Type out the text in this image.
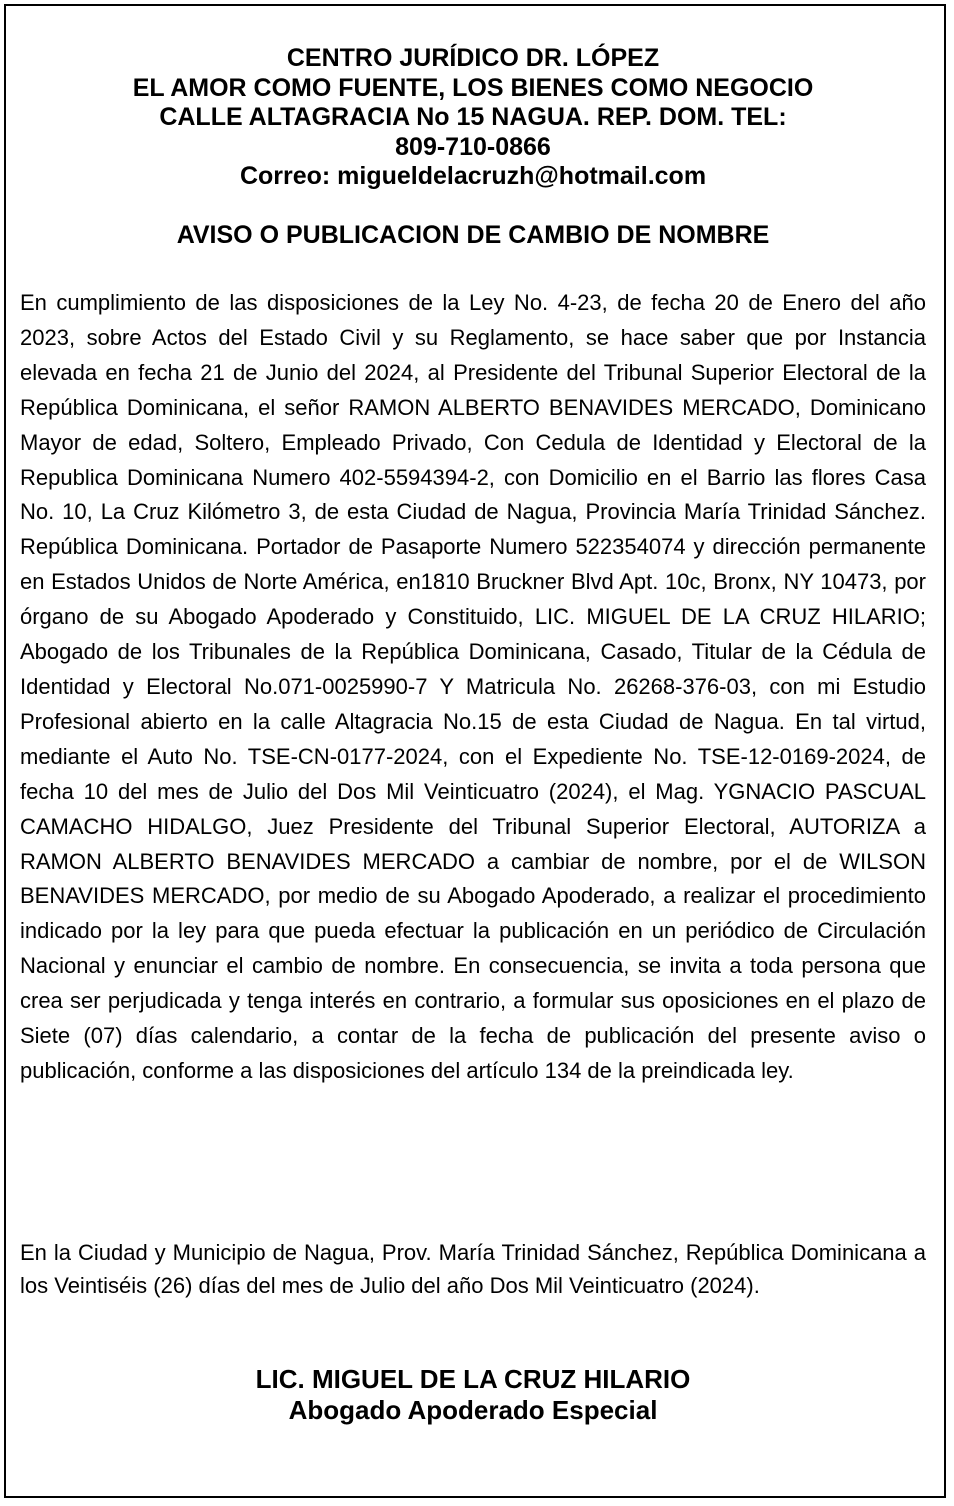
CENTRO JURÍDICO DR. LÓPEZ
EL AMOR COMO FUENTE, LOS BIENES COMO NEGOCIO
CALLE ALTAGRACIA No 15 NAGUA. REP. DOM. TEL:
809-710-0866
Correo: migueldelacruzh@hotmail.com
AVISO O PUBLICACION DE CAMBIO DE NOMBRE
En cumplimiento de las disposiciones de la Ley No. 4-23, de fecha 20 de Enero del año 2023, sobre Actos del Estado Civil y su Reglamento, se hace saber que por Instancia elevada en fecha 21 de Junio del 2024, al Presidente del Tribunal Superior Electoral de la República Dominicana, el señor RAMON ALBERTO BENAVIDES MERCADO, Dominicano Mayor de edad, Soltero, Empleado Privado, Con Cedula de Identidad y Electoral de la Republica Dominicana Numero 402-5594394-2, con Domicilio en el Barrio las flores Casa No. 10, La Cruz Kilómetro 3, de esta Ciudad de Nagua, Provincia María Trinidad Sánchez. República Dominicana. Portador de Pasaporte Numero 522354074 y dirección permanente en Estados Unidos de Norte América, en1810 Bruckner Blvd Apt. 10c, Bronx, NY 10473, por órgano de su Abogado Apoderado y Constituido, LIC. MIGUEL DE LA CRUZ HILARIO; Abogado de los Tribunales de la República Dominicana, Casado, Titular de la Cédula de Identidad y Electoral No.071-0025990-7 Y Matricula No. 26268-376-03, con mi Estudio Profesional abierto en la calle Altagracia No.15 de esta Ciudad de Nagua. En tal virtud, mediante el Auto No. TSE-CN-0177-2024, con el Expediente No. TSE-12-0169-2024, de fecha 10 del mes de Julio del Dos Mil Veinticuatro (2024), el Mag. YGNACIO PASCUAL CAMACHO HIDALGO, Juez Presidente del Tribunal Superior Electoral, AUTORIZA a RAMON ALBERTO BENAVIDES MERCADO a cambiar de nombre, por el de WILSON BENAVIDES MERCADO, por medio de su Abogado Apoderado, a realizar el procedimiento indicado por la ley para que pueda efectuar la publicación en un periódico de Circulación Nacional y enunciar el cambio de nombre. En consecuencia, se invita a toda persona que crea ser perjudicada y tenga interés en contrario, a formular sus oposiciones en el plazo de Siete (07) días calendario, a contar de la fecha de publicación del presente aviso o publicación, conforme a las disposiciones del artículo 134 de la preindicada ley.
En la Ciudad y Municipio de Nagua, Prov. María Trinidad Sánchez, República Dominicana a los Veintiséis (26) días del mes de Julio del año Dos Mil Veinticuatro (2024).
LIC. MIGUEL DE LA CRUZ HILARIO
Abogado Apoderado Especial
